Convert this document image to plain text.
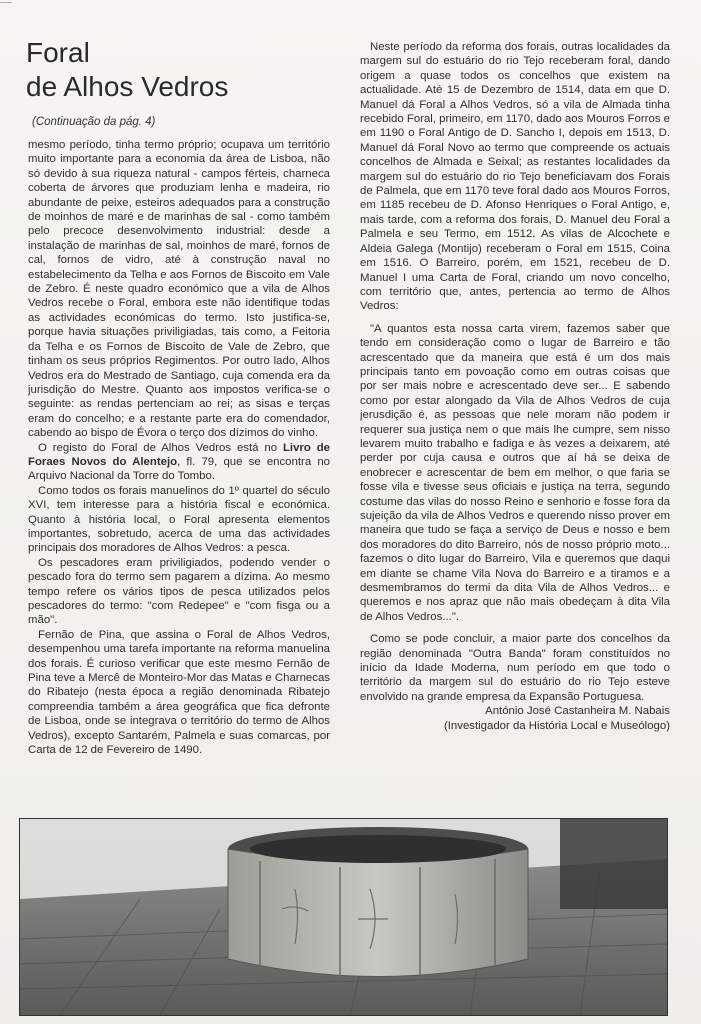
——
Foral
de Alhos Vedros
(Continuação da pág. 4)

mesmo período, tinha termo próprio; ocupava um território muito importante para a economia da área de Lisboa, não só devido à sua riqueza natural - campos férteis, charneca coberta de árvores que produziam lenha e madeira, rio abundante de peixe, esteiros adequados para a construção de moinhos de maré e de marinhas de sal - como também pelo precoce desenvolvimento industrial: desde a instalação de marinhas de sal, moinhos de maré, fornos de cal, fornos de vidro, até à construção naval no estabelecimento da Telha e aos Fornos de Biscoito em Vale de Zebro. É neste quadro económico que a vila de Alhos Vedros recebe o Foral, embora este não identifique todas as actividades económicas do termo. Isto justifica-se, porque havia situações priviligiadas, tais como, a Feitoria da Telha e os Fornos de Biscoito de Vale de Zebro, que tinham os seus próprios Regimentos. Por outro lado, Alhos Vedros era do Mestrado de Santiago, cuja comenda era da jurisdição do Mestre. Quanto aos impostos verifica-se o seguinte: as rendas pertenciam ao rei; as sisas e terças eram do concelho; e a restante parte era do comendador, cabendo ao bispo de Évora o terço dos dízimos do vinho.

O registo do Foral de Alhos Vedros está no Livro de Foraes Novos do Alentejo, fl. 79, que se encontra no Arquivo Nacional da Torre do Tombo.

Como todos os forais manuelinos do 1º quartel do século XVI, tem interesse para a história fiscal e económica. Quanto à história local, o Foral apresenta elementos importantes, sobretudo, acerca de uma das actividades principais dos moradores de Alhos Vedros: a pesca.

Os pescadores eram priviligiados, podendo vender o pescado fora do termo sem pagarem a dízima. Ao mesmo tempo refere os vários tipos de pesca utilizados pelos pescadores do termo: "com Redepee" e "com fisga ou a mão".

Fernão de Pina, que assina o Foral de Alhos Vedros, desempenhou uma tarefa importante na reforma manuelina dos forais. É curioso verificar que este mesmo Fernão de Pina teve a Mercê de Monteiro-Mor das Matas e Charnecas do Ribatejo (nesta época a região denominada Ribatejo compreendia também a área geográfica que fica defronte de Lisboa, onde se integrava o território do termo de Alhos Vedros), excepto Santarém, Palmela e suas comarcas, por Carta de 12 de Fevereiro de 1490.

Neste período da reforma dos forais, outras localidades da margem sul do estuário do rio Tejo receberam foral, dando origem a quase todos os concelhos que existem na actualidade. Até 15 de Dezembro de 1514, data em que D. Manuel dá Foral a Alhos Vedros, só a vila de Almada tinha recebido Foral, primeiro, em 1170, dado aos Mouros Forros e em 1190 o Foral Antigo de D. Sancho I, depois em 1513, D. Manuel dá Foral Novo ao termo que compreende os actuais concelhos de Almada e Seixal; as restantes localidades da margem sul do estuário do rio Tejo beneficiavam dos Forais de Palmela, que em 1170 teve foral dado aos Mouros Forros, em 1185 recebeu de D. Afonso Henriques o Foral Antigo, e, mais tarde, com a reforma dos forais, D. Manuel deu Foral a Palmela e seu Termo, em 1512. As vilas de Alcochete e Aldeia Galega (Montijo) receberam o Foral em 1515, Coina em 1516. O Barreiro, porém, em 1521, recebeu de D. Manuel I uma Carta de Foral, criando um novo concelho, com território que, antes, pertencia ao termo de Alhos Vedros:

"A quantos esta nossa carta virem, fazemos saber que tendo em consideração como o lugar de Barreiro e tão acrescentado que da maneira que está é um dos mais principais tanto em povoação como em outras coisas que por ser mais nobre e acrescentado deve ser... E sabendo como por estar alongado da Vila de Alhos Vedros de cuja jerusdição é, as pessoas que nele moram não podem ir requerer sua justiça nem o que mais lhe cumpre, sem nisso levarem muito trabalho e fadiga e às vezes a deixarem, até perder por cuja causa e outros que aí há se deixa de enobrecer e acrescentar de bem em melhor, o que faria se fosse vila e tivesse seus oficiais e justiça na terra, segundo costume das vilas do nosso Reino e senhorio e fosse fora da sujeição da vila de Alhos Vedros e querendo nisso prover em maneira que tudo se faça a serviço de Deus e nosso e bem dos moradores do dito Barreiro, nós de nosso próprio moto... fazemos o dito lugar do Barreiro, Vila e queremos que daqui em diante se chame Vila Nova do Barreiro e a tiramos e a desmembramos do termi da dita Vila de Alhos Vedros... e queremos e nos apraz que não mais obedeçam à dita Vila de Alhos Vedros...".

Como se pode concluir, a maior parte dos concelhos da região denominada "Outra Banda" foram constituídos no início da Idade Moderna, num período em que todo o território da margem sul do estuário do rio Tejo esteve envolvido na grande empresa da Expansão Portuguesa.

António José Castanheira M. Nabais

(Investigador da História Local e Museólogo)
